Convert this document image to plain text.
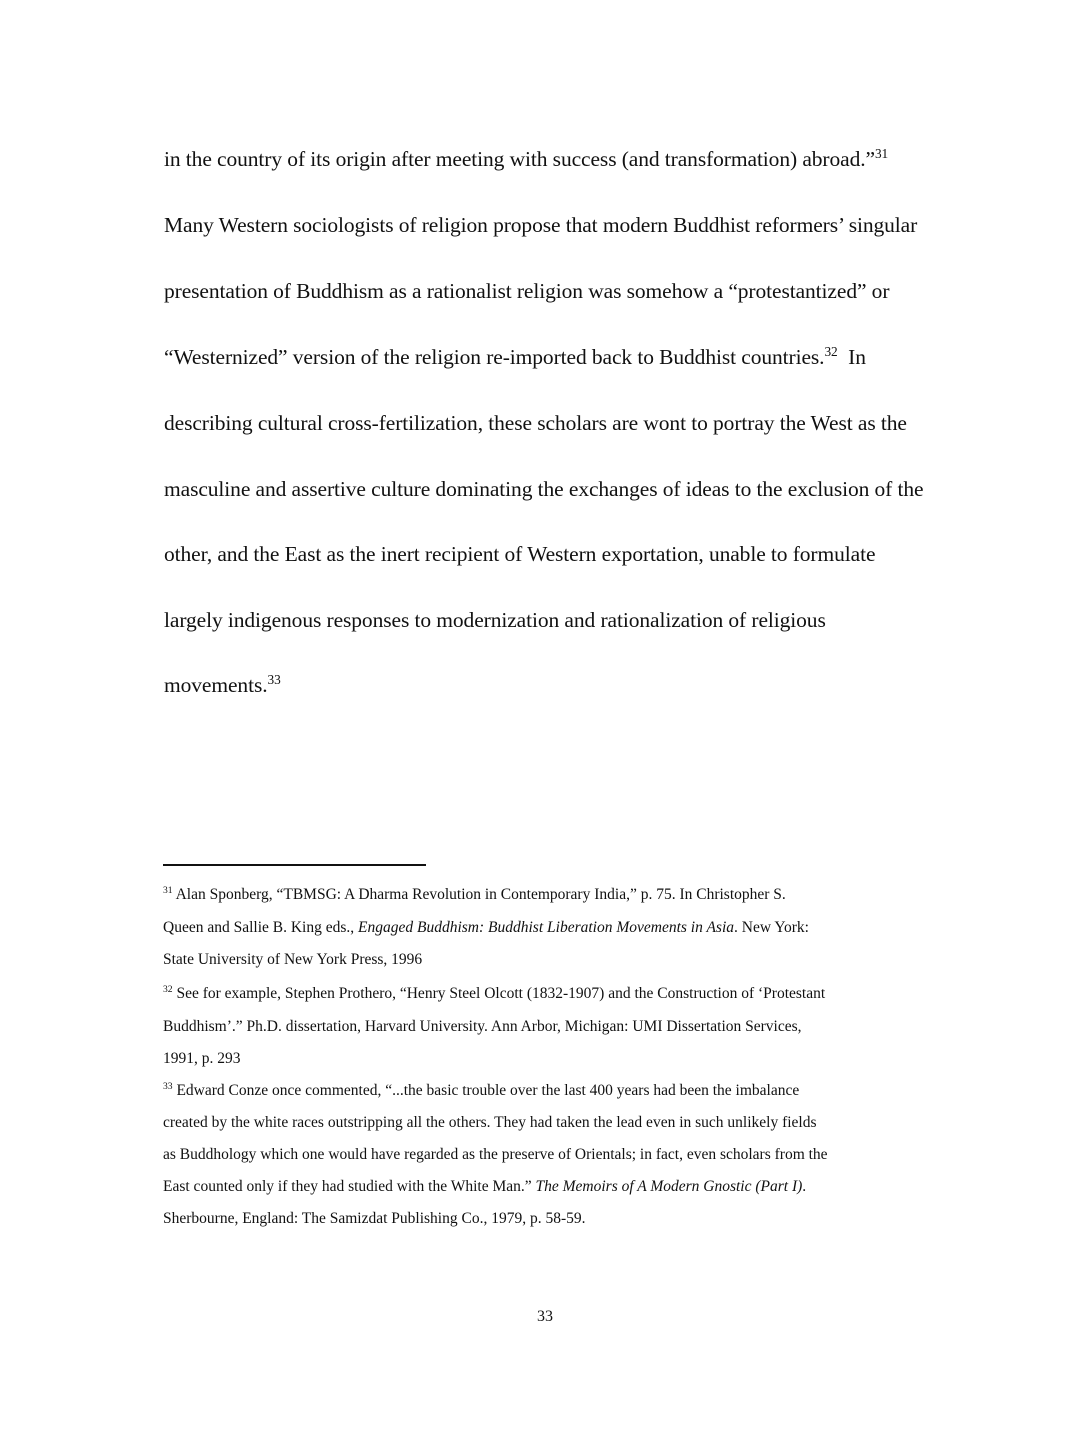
in the country of its origin after meeting with success (and transformation) abroad.”$^{31}$
Many Western sociologists of religion propose that modern Buddhist reformers’ singular
presentation of Buddhism as a rationalist religion was somehow a “protestantized” or
“Westernized” version of the religion re-imported back to Buddhist countries.$^{32}$  In
describing cultural cross-fertilization, these scholars are wont to portray the West as the
masculine and assertive culture dominating the exchanges of ideas to the exclusion of the
other, and the East as the inert recipient of Western exportation, unable to formulate
largely indigenous responses to modernization and rationalization of religious
movements.$^{33}$
$^{31}$ Alan Sponberg, “TBMSG: A Dharma Revolution in Contemporary India,” p. 75. In Christopher S.
Queen and Sallie B. King eds., Engaged Buddhism: Buddhist Liberation Movements in Asia. New York:
State University of New York Press, 1996
$^{32}$ See for example, Stephen Prothero, “Henry Steel Olcott (1832-1907) and the Construction of ‘Protestant
Buddhism’.” Ph.D. dissertation, Harvard University. Ann Arbor, Michigan: UMI Dissertation Services,
1991, p. 293
$^{33}$ Edward Conze once commented, “...the basic trouble over the last 400 years had been the imbalance
created by the white races outstripping all the others. They had taken the lead even in such unlikely fields
as Buddhology which one would have regarded as the preserve of Orientals; in fact, even scholars from the
East counted only if they had studied with the White Man.” The Memoirs of A Modern Gnostic (Part I).
Sherbourne, England: The Samizdat Publishing Co., 1979, p. 58-59.
33
